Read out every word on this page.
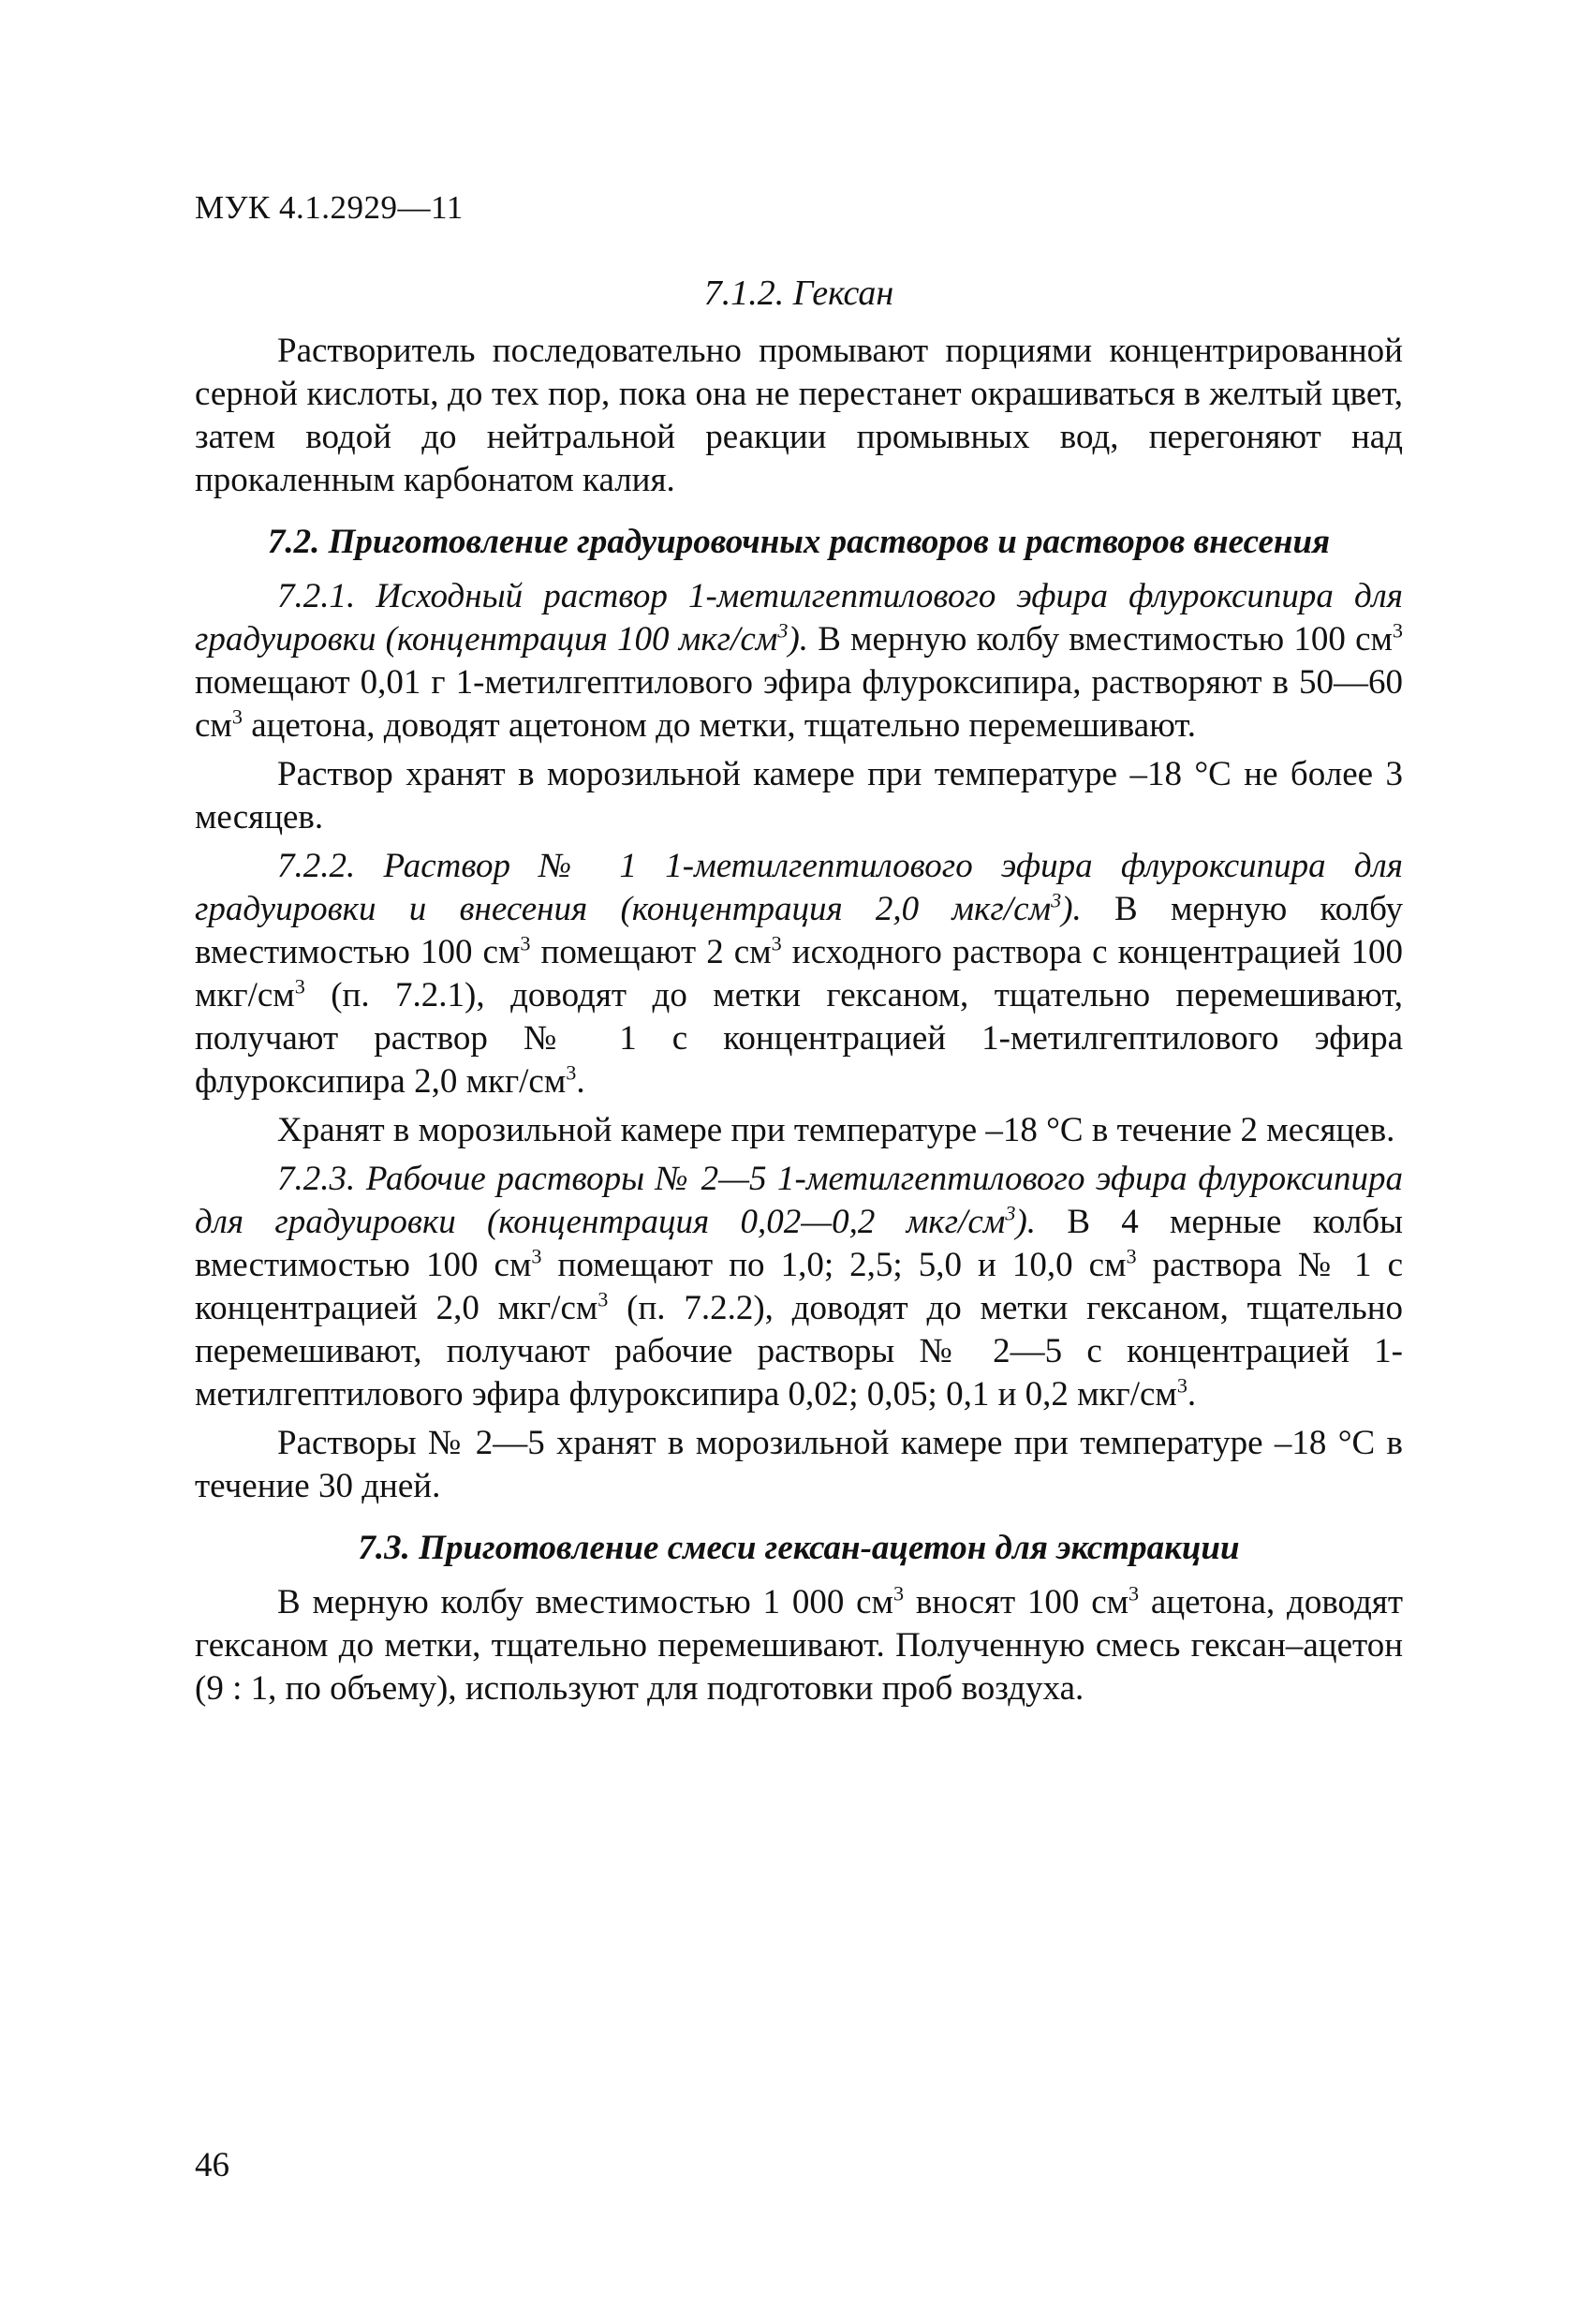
МУК 4.1.2929—11

7.1.2. Гексан

Растворитель последовательно промывают порциями концентрированной серной кислоты, до тех пор, пока она не перестанет окрашиваться в желтый цвет, затем водой до нейтральной реакции промывных вод, перегоняют над прокаленным карбонатом калия.

7.2. Приготовление градуировочных растворов и растворов внесения

7.2.1. Исходный раствор 1-метилгептилового эфира флуроксипира для градуировки (концентрация 100 мкг/$см^3$). В мерную колбу вместимостью 100 $см^3$ помещают 0,01 г 1-метилгептилового эфира флуроксипира, растворяют в 50—60 $см^3$ ацетона, доводят ацетоном до метки, тщательно перемешивают.

Раствор хранят в морозильной камере при температуре –18 °С не более 3 месяцев.

7.2.2. Раствор № 1 1-метилгептилового эфира флуроксипира для градуировки и внесения (концентрация 2,0 мкг/$см^3$). В мерную колбу вместимостью 100 $см^3$ помещают 2 $см^3$ исходного раствора с концентрацией 100 мкг/$см^3$ (п. 7.2.1), доводят до метки гексаном, тщательно перемешивают, получают раствор № 1 с концентрацией 1-метилгептилового эфира флуроксипира 2,0 мкг/$см^3$.

Хранят в морозильной камере при температуре –18 °С в течение 2 месяцев.

7.2.3. Рабочие растворы № 2—5 1-метилгептилового эфира флуроксипира для градуировки (концентрация 0,02—0,2 мкг/$см^3$). В 4 мерные колбы вместимостью 100 $см^3$ помещают по 1,0; 2,5; 5,0 и 10,0 $см^3$ раствора № 1 с концентрацией 2,0 мкг/$см^3$ (п. 7.2.2), доводят до метки гексаном, тщательно перемешивают, получают рабочие растворы № 2—5 с концентрацией 1-метилгептилового эфира флуроксипира 0,02; 0,05; 0,1 и 0,2 мкг/$см^3$.

Растворы № 2—5 хранят в морозильной камере при температуре –18 °С в течение 30 дней.

7.3. Приготовление смеси гексан-ацетон для экстракции

В мерную колбу вместимостью 1 000 $см^3$ вносят 100 $см^3$ ацетона, доводят гексаном до метки, тщательно перемешивают. Полученную смесь гексан–ацетон (9 : 1, по объему), используют для подготовки проб воздуха.

46
